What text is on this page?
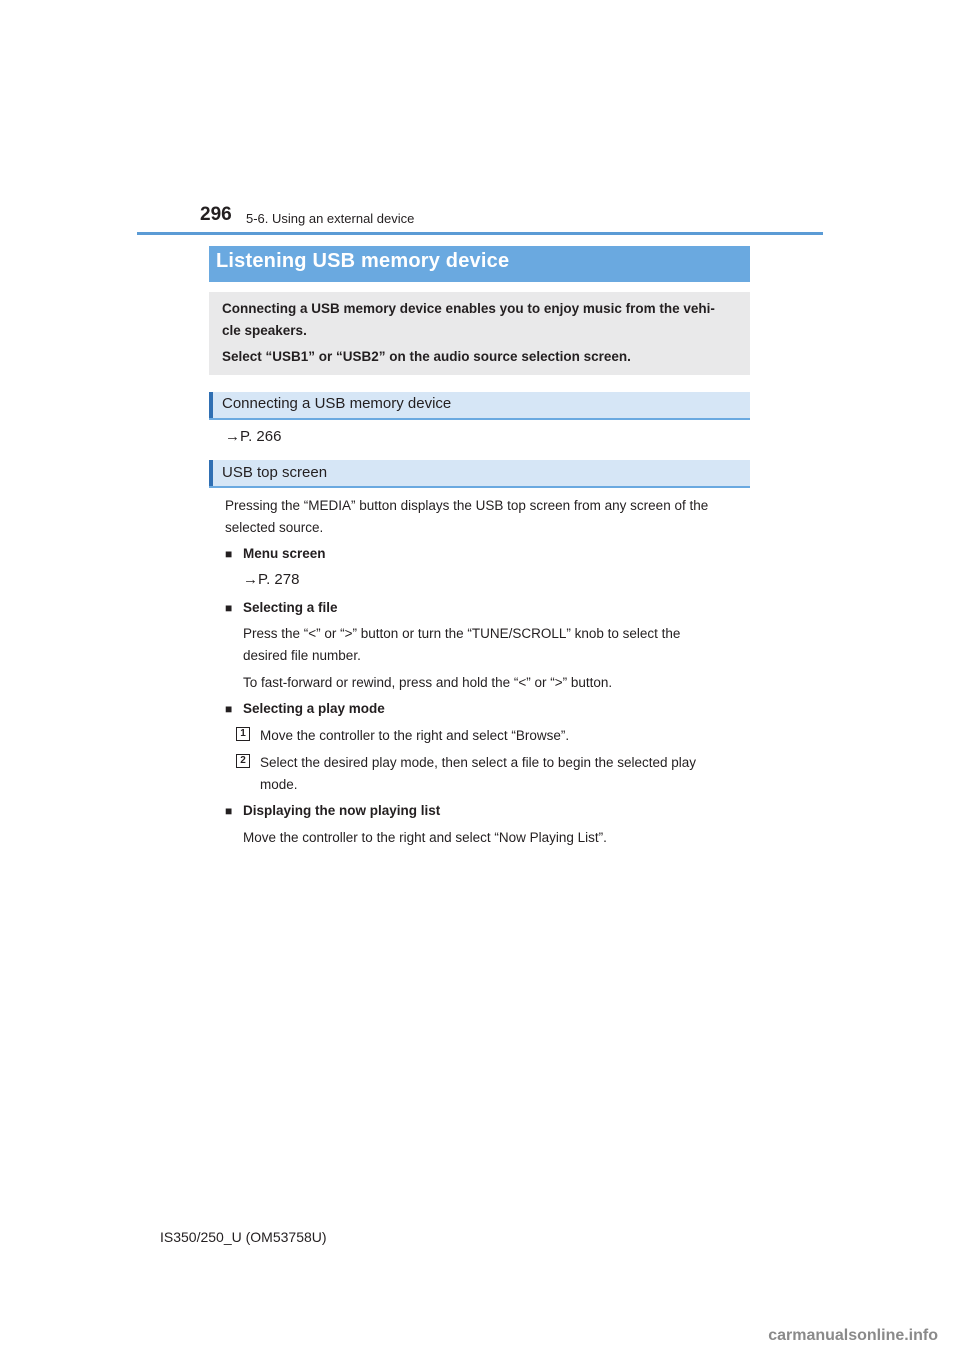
296 5-6. Using an external device
Listening USB memory device
Connecting a USB memory device enables you to enjoy music from the vehi-
cle speakers.
Select “USB1” or “USB2” on the audio source selection screen.
Connecting a USB memory device
→P. 266
USB top screen
Pressing the “MEDIA” button displays the USB top screen from any screen of the
selected source.
■ Menu screen
→P. 278
■ Selecting a file
Press the “<” or “>” button or turn the “TUNE/SCROLL” knob to select the
desired file number.
To fast-forward or rewind, press and hold the “<” or “>” button.
■ Selecting a play mode
1	Move the controller to the right and select “Browse”.
2	Select the desired play mode, then select a file to begin the selected play
mode.
■ Displaying the now playing list
Move the controller to the right and select “Now Playing List”.
IS350/250_U (OM53758U)
carmanualsonline.info
